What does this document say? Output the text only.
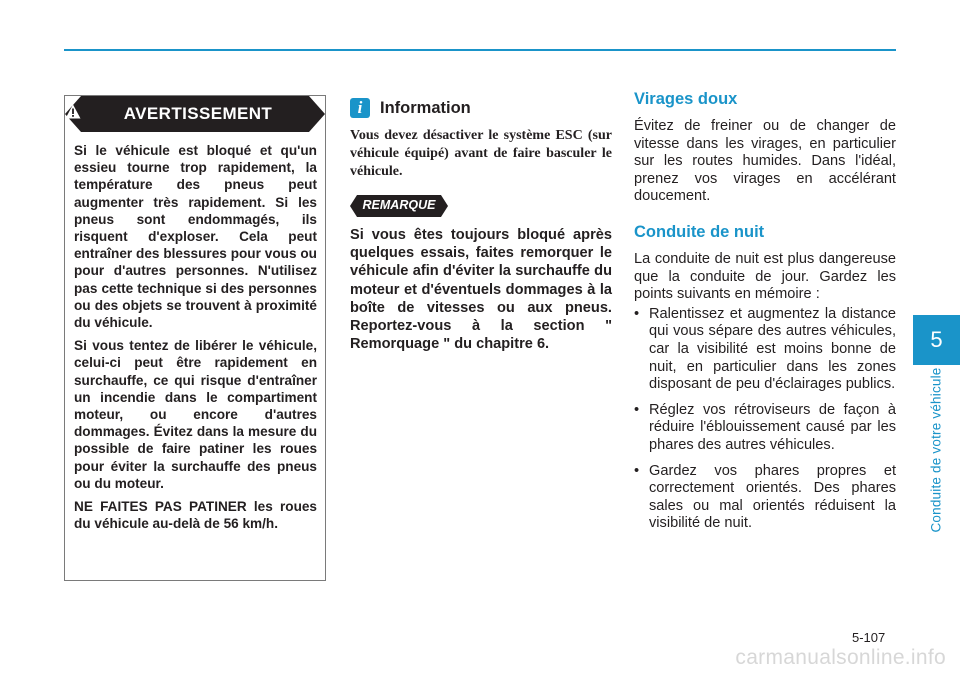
5
Conduite de votre véhicule
AVERTISSEMENT

Si le véhicule est bloqué et qu'un essieu tourne trop rapidement, la température des pneus peut augmenter très rapidement. Si les pneus sont endommagés, ils risquent d'exploser. Cela peut entraîner des blessures pour vous ou pour d'autres personnes. N'utilisez pas cette technique si des personnes ou des objets se trouvent à proximité du véhicule.

Si vous tentez de libérer le véhicule, celui-ci peut être rapidement en surchauffe, ce qui risque d'entraîner un incendie dans le compartiment moteur, ou encore d'autres dommages. Évitez dans la mesure du possible de faire patiner les roues pour éviter la surchauffe des pneus ou du moteur.

NE FAITES PAS PATINER les roues du véhicule au-delà de 56 km/h.

i	Information

Vous devez désactiver le système ESC (sur véhicule équipé) avant de faire basculer le véhicule.

REMARQUE

Si vous êtes toujours bloqué après quelques essais, faites remorquer le véhicule afin d'éviter la surchauffe du moteur et d'éventuels dommages à la boîte de vitesses ou aux pneus. Reportez-vous à la section " Remorquage " du chapitre 6.

Virages doux

Évitez de freiner ou de changer de vitesse dans les virages, en particulier sur les routes humides. Dans l'idéal, prenez vos virages en accélérant doucement.

Conduite de nuit

La conduite de nuit est plus dangereuse que la conduite de jour. Gardez les points suivants en mémoire :

• Ralentissez et augmentez la distance qui vous sépare des autres véhicules, car la visibilité est moins bonne de nuit, en particulier dans les zones disposant de peu d'éclairages publics.
• Réglez vos rétroviseurs de façon à réduire l'éblouissement causé par les phares des autres véhicules.
• Gardez vos phares propres et correctement orientés. Des phares sales ou mal orientés réduisent la visibilité de nuit.
5-107
carmanualsonline.info
